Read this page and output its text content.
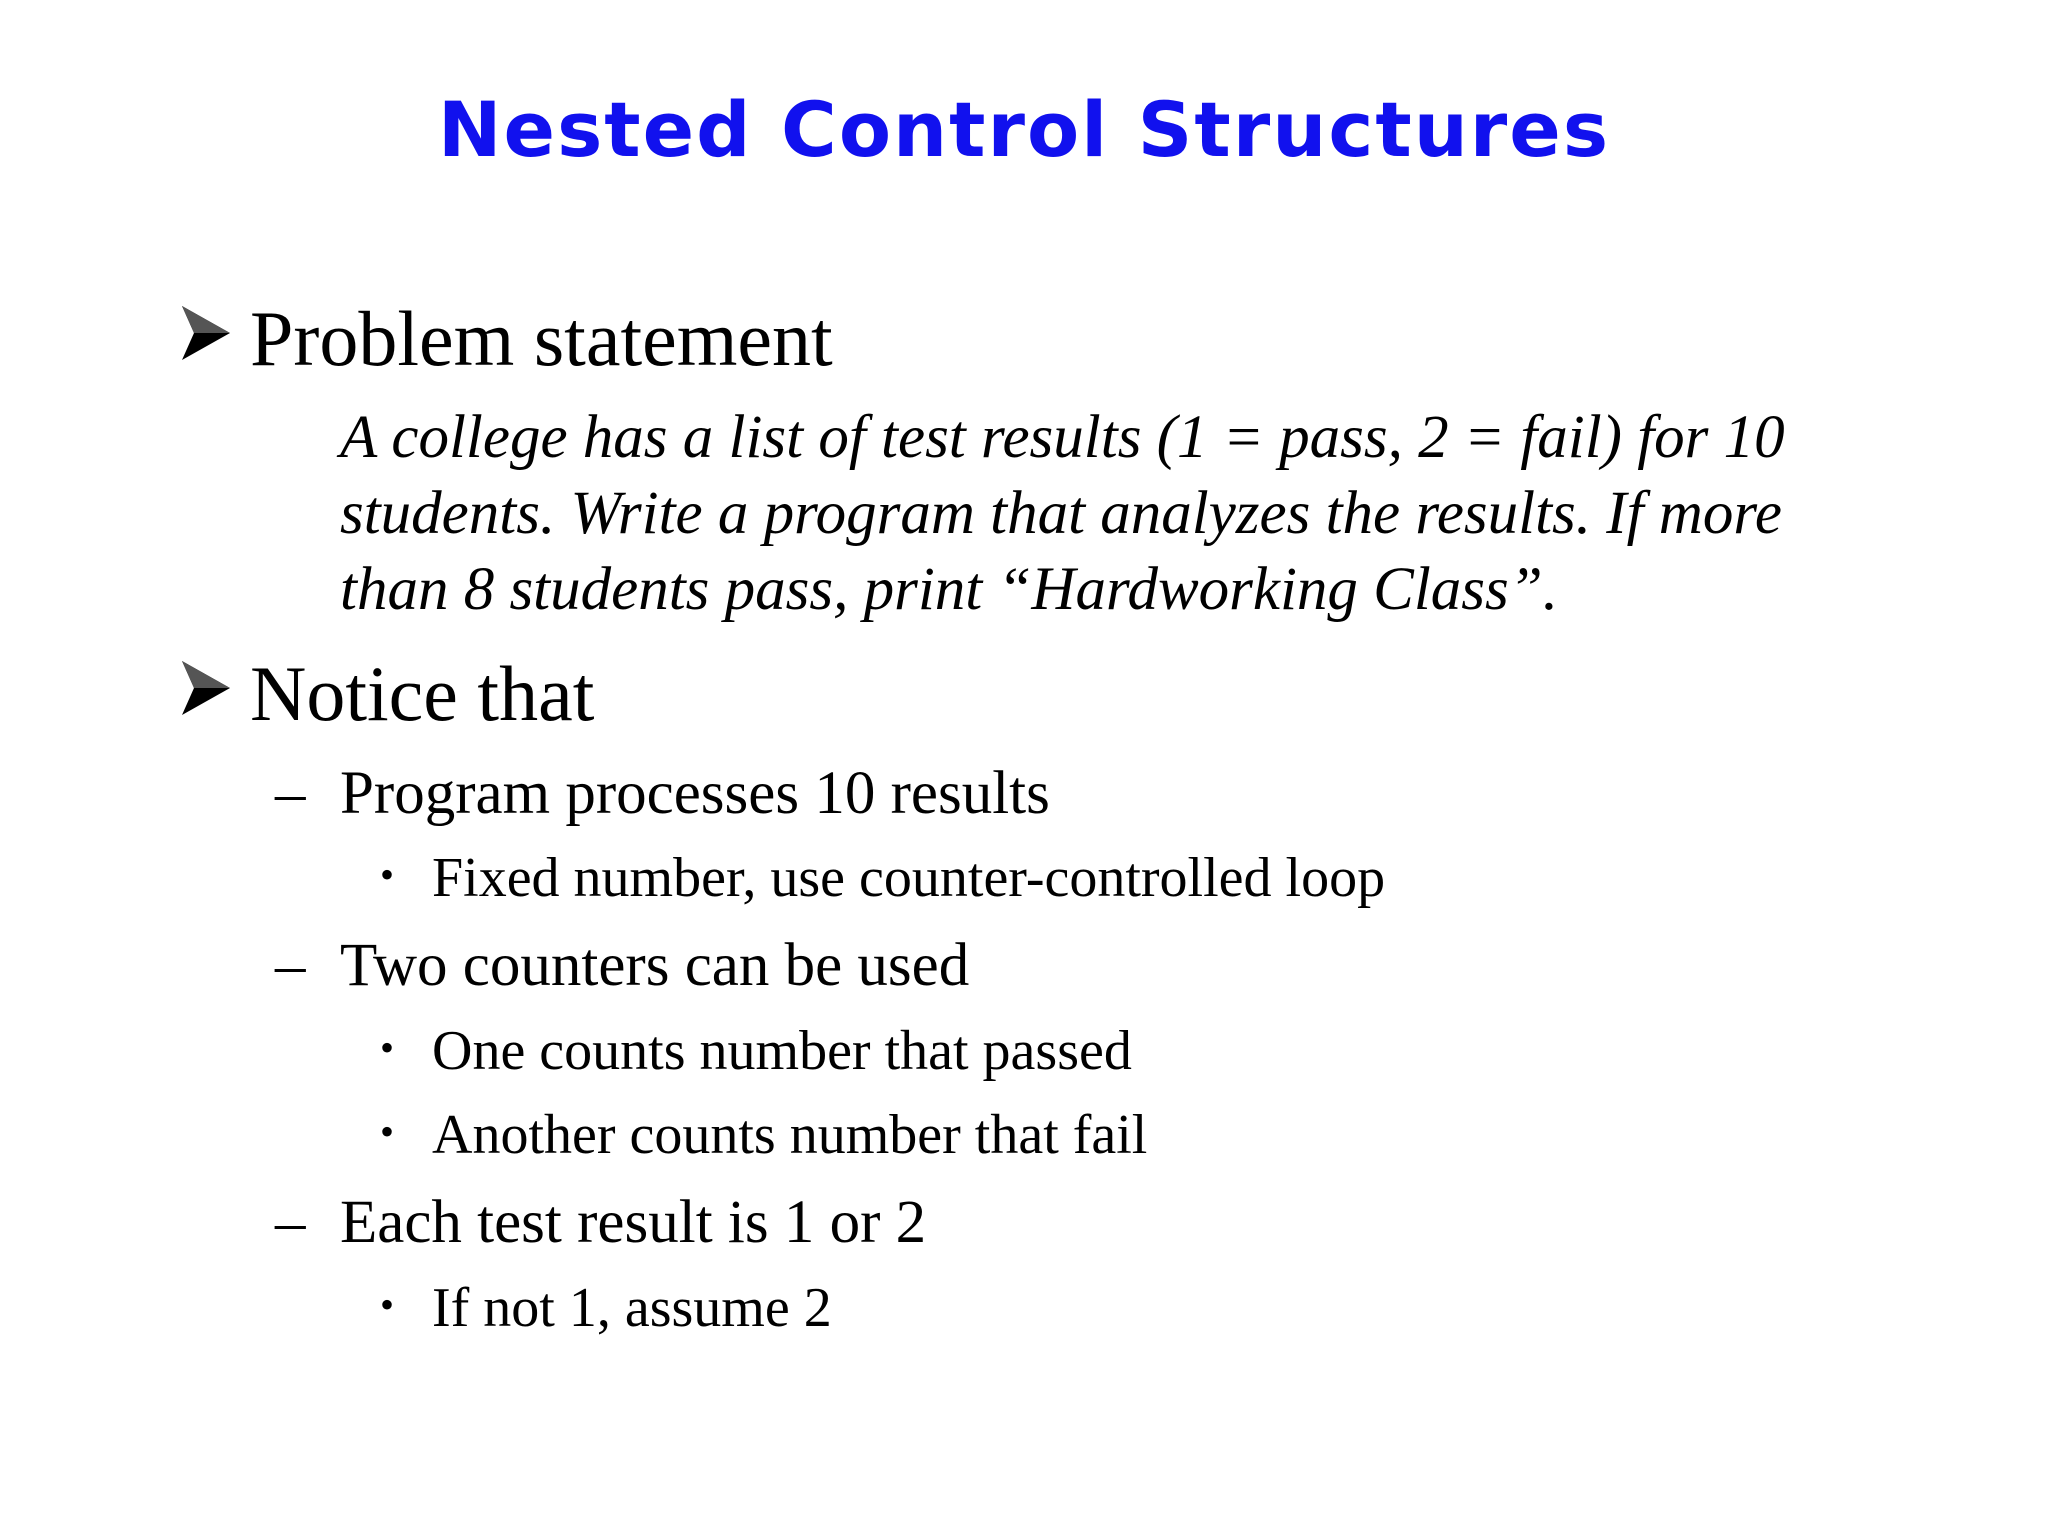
Nested Control Structures
Problem statement
A college has a list of test results (1 = pass, 2 = fail) for 10
students. Write a program that analyzes the results. If more
than 8 students pass, print “Hardworking Class”.
Notice that
– Program processes 10 results
• Fixed number, use counter-controlled loop
– Two counters can be used
• One counts number that passed
• Another counts number that fail
– Each test result is 1 or 2
• If not 1, assume 2
